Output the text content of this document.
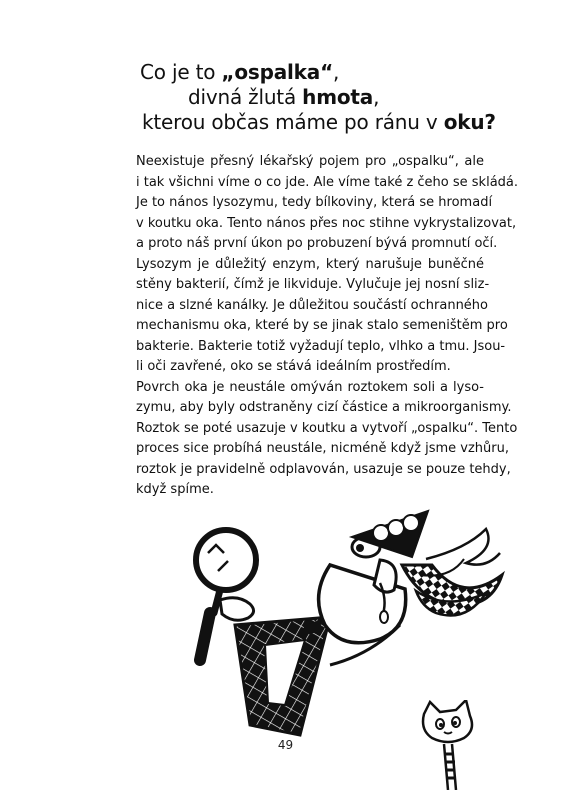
Co je to „ospalka“,
divná žlutá hmota,
kterou občas máme po ránu v oku?

Neexistuje přesný lékařský pojem pro „ospalku“, ale
i tak všichni víme o co jde. Ale víme také z čeho se skládá.
Je to nános lysozymu, tedy bílkoviny, která se hromadí
v koutku oka. Tento nános přes noc stihne vykrystalizovat,
a proto náš první úkon po probuzení bývá promnutí očí.

Lysozym je důležitý enzym, který narušuje buněčné
stěny bakterií, čímž je likviduje. Vylučuje jej nosní sliz-
nice a slzné kanálky. Je důležitou součástí ochranného
mechanismu oka, které by se jinak stalo semeništěm pro
bakterie. Bakterie totiž vyžadují teplo, vlhko a tmu. Jsou-
li oči zavřené, oko se stává ideálním prostředím.

Povrch oka je neustále omýván roztokem soli a lyso-
zymu, aby byly odstraněny cizí částice a mikroorganismy.
Roztok se poté usazuje v koutku a vytvoří „ospalku“. Tento
proces sice probíhá neustále, nicméně když jsme vzhůru,
roztok je pravidelně odplavován, usazuje se pouze tehdy,
když spíme.

49
